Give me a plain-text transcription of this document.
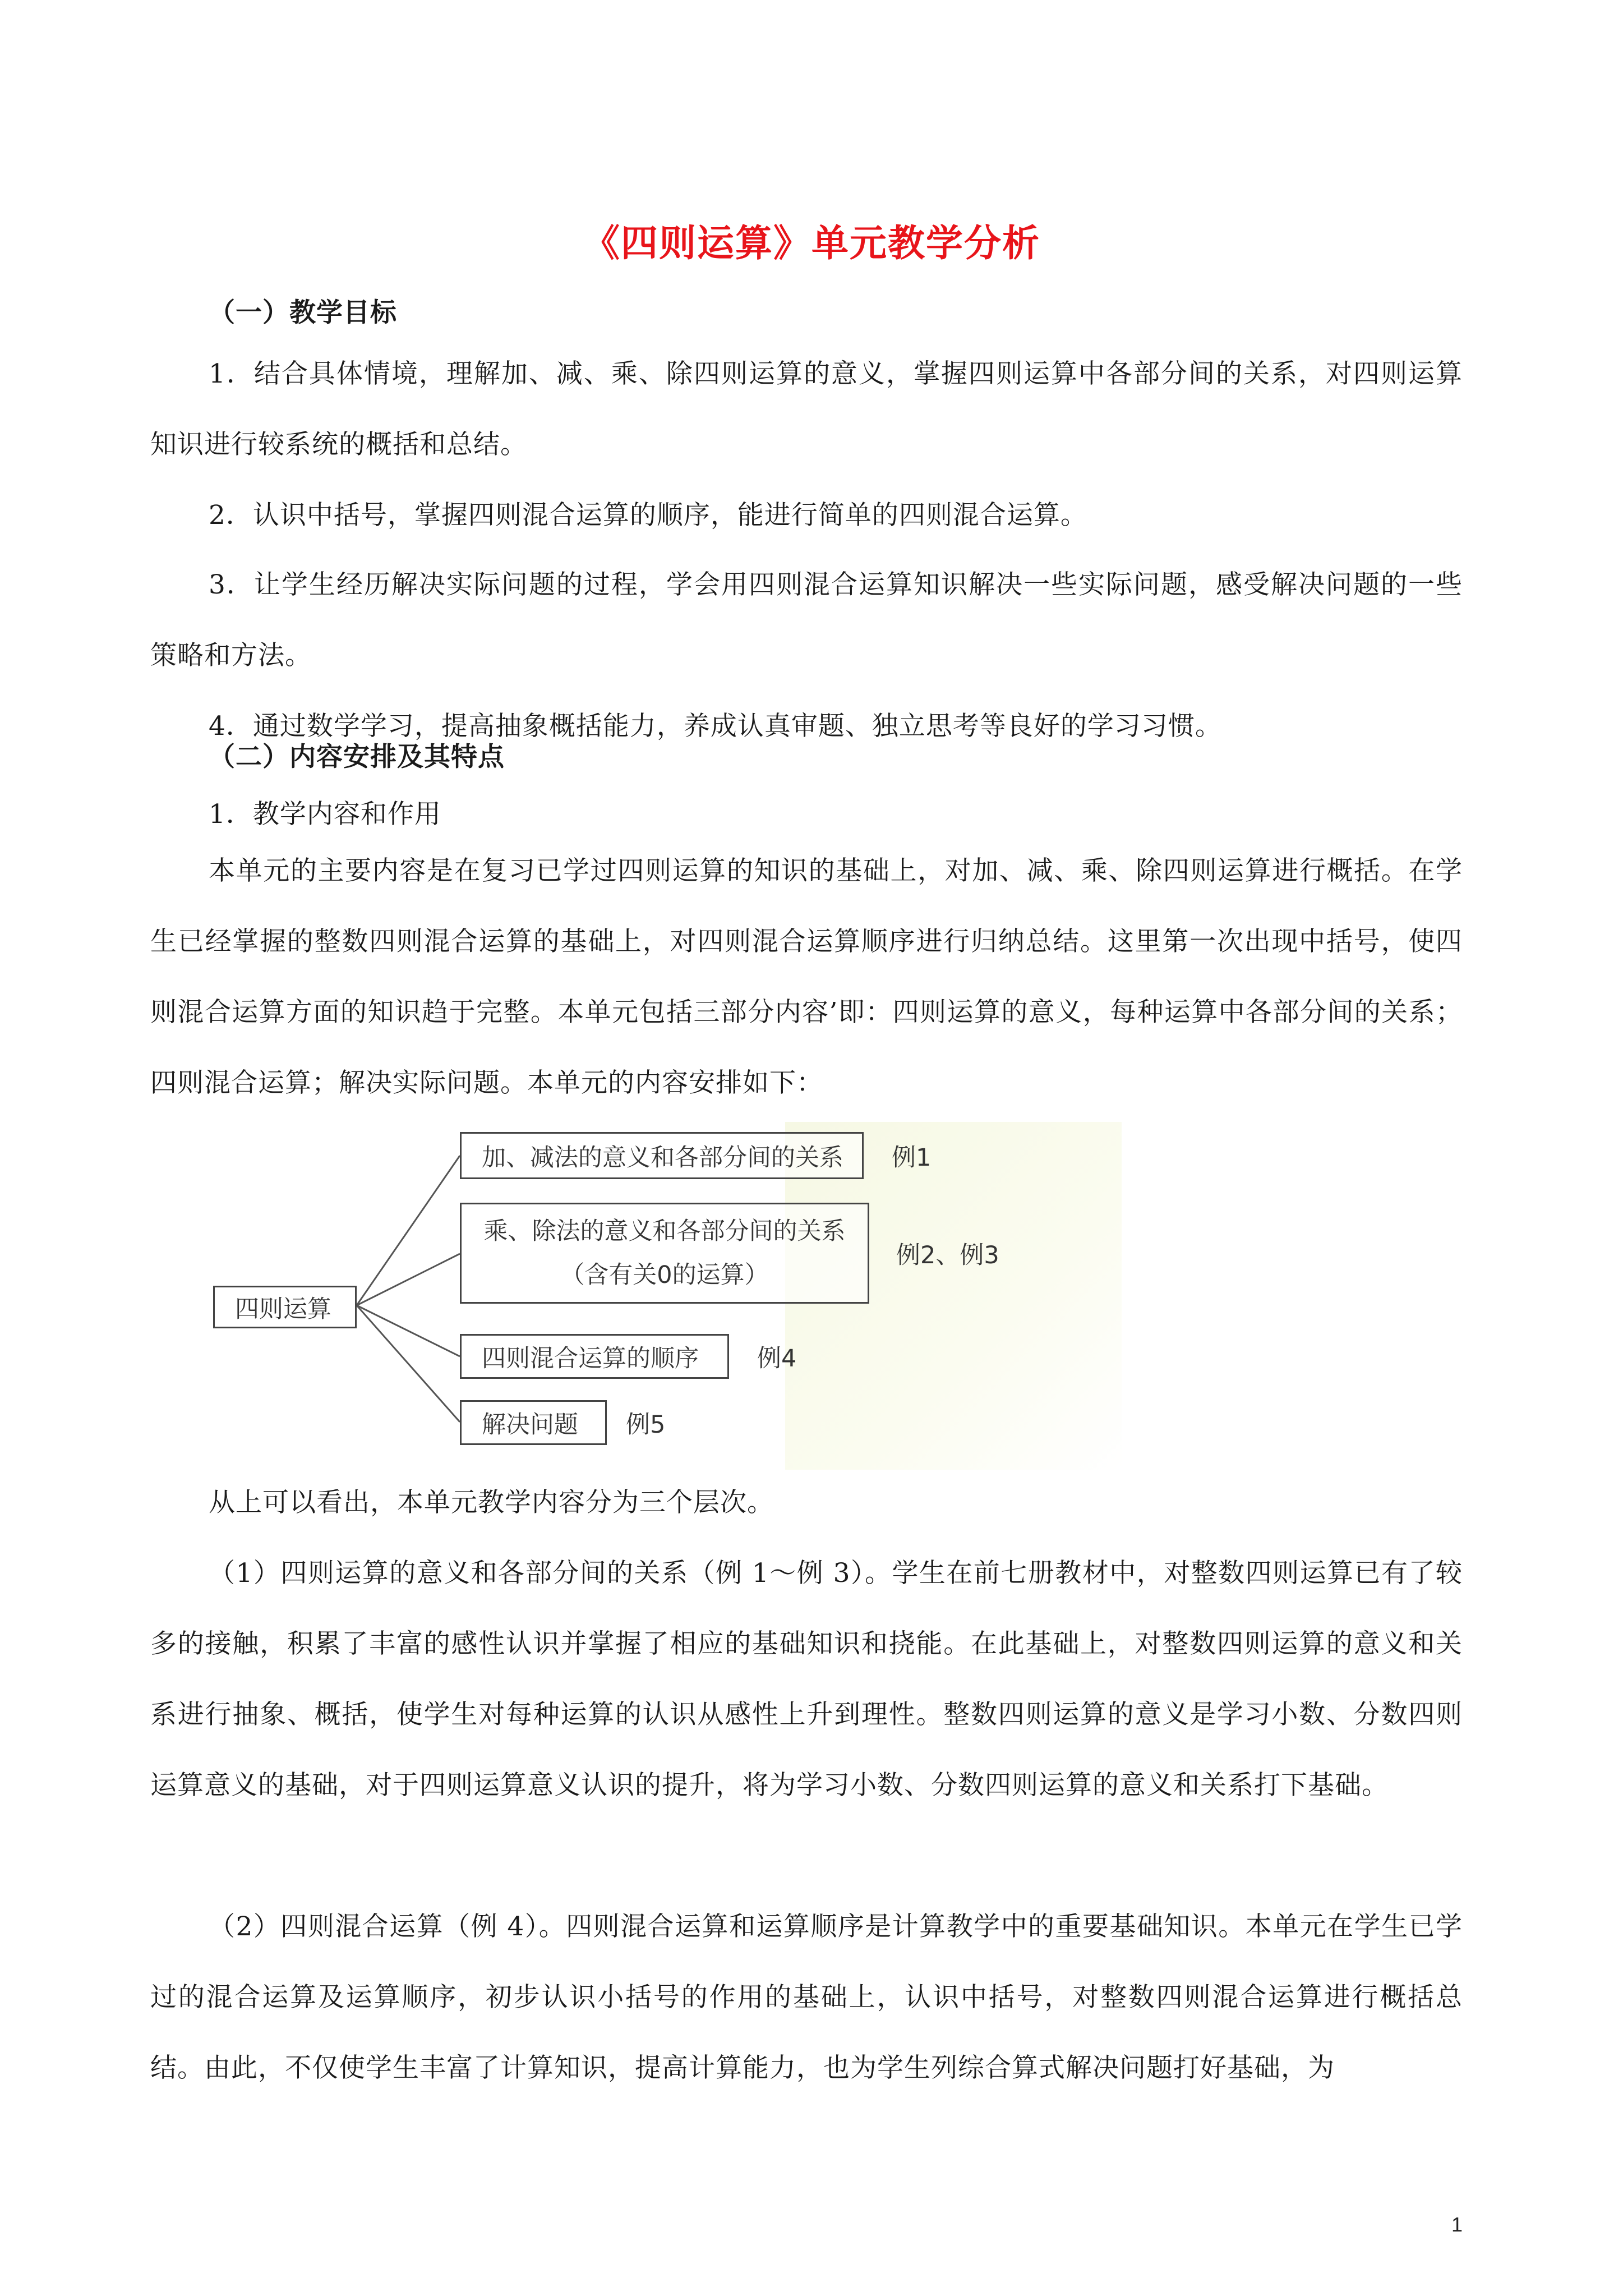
《四则运算》单元教学分析
（一）教学目标

1．结合具体情境，理解加、减、乘、除四则运算的意义，掌握四则运算中各部分间的关系，对四则运算知识进行较系统的概括和总结。

2．认识中括号，掌握四则混合运算的顺序，能进行简单的四则混合运算。

3．让学生经历解决实际问题的过程，学会用四则混合运算知识解决一些实际问题，感受解决问题的一些策略和方法。

4．通过数学学习，提高抽象概括能力，养成认真审题、独立思考等良好的学习习惯。

（二）内容安排及其特点
1．教学内容和作用

本单元的主要内容是在复习已学过四则运算的知识的基础上，对加、减、乘、除四则运算进行概括。在学生已经掌握的整数四则混合运算的基础上，对四则混合运算顺序进行归纳总结。这里第一次出现中括号，使四则混合运算方面的知识趋于完整。本单元包括三部分内容’即：四则运算的意义，每种运算中各部分间的关系；四则混合运算；解决实际问题。本单元的内容安排如下：

四则运算
加、减法的意义和各部分间的关系	例1
乘、除法的意义和各部分间的关系
（含有关0的运算）
例2、例3
四则混合运算的顺序	例4
解决问题	例5

从上可以看出，本单元教学内容分为三个层次。

（1）四则运算的意义和各部分间的关系（例 1～例 3）。学生在前七册教材中，对整数四则运算已有了较多的接触，积累了丰富的感性认识并掌握了相应的基础知识和挠能。在此基础上，对整数四则运算的意义和关系进行抽象、概括，使学生对每种运算的认识从感性上升到理性。整数四则运算的意义是学习小数、分数四则运算意义的基础，对于四则运算意义认识的提升，将为学习小数、分数四则运算的意义和关系打下基础。

（2）四则混合运算（例 4）。四则混合运算和运算顺序是计算教学中的重要基础知识。本单元在学生已学过的混合运算及运算顺序，初步认识小括号的作用的基础上，认识中括号，对整数四则混合运算进行概括总结。由此，不仅使学生丰富了计算知识，提高计算能力，也为学生列综合算式解决问题打好基础，为

1
